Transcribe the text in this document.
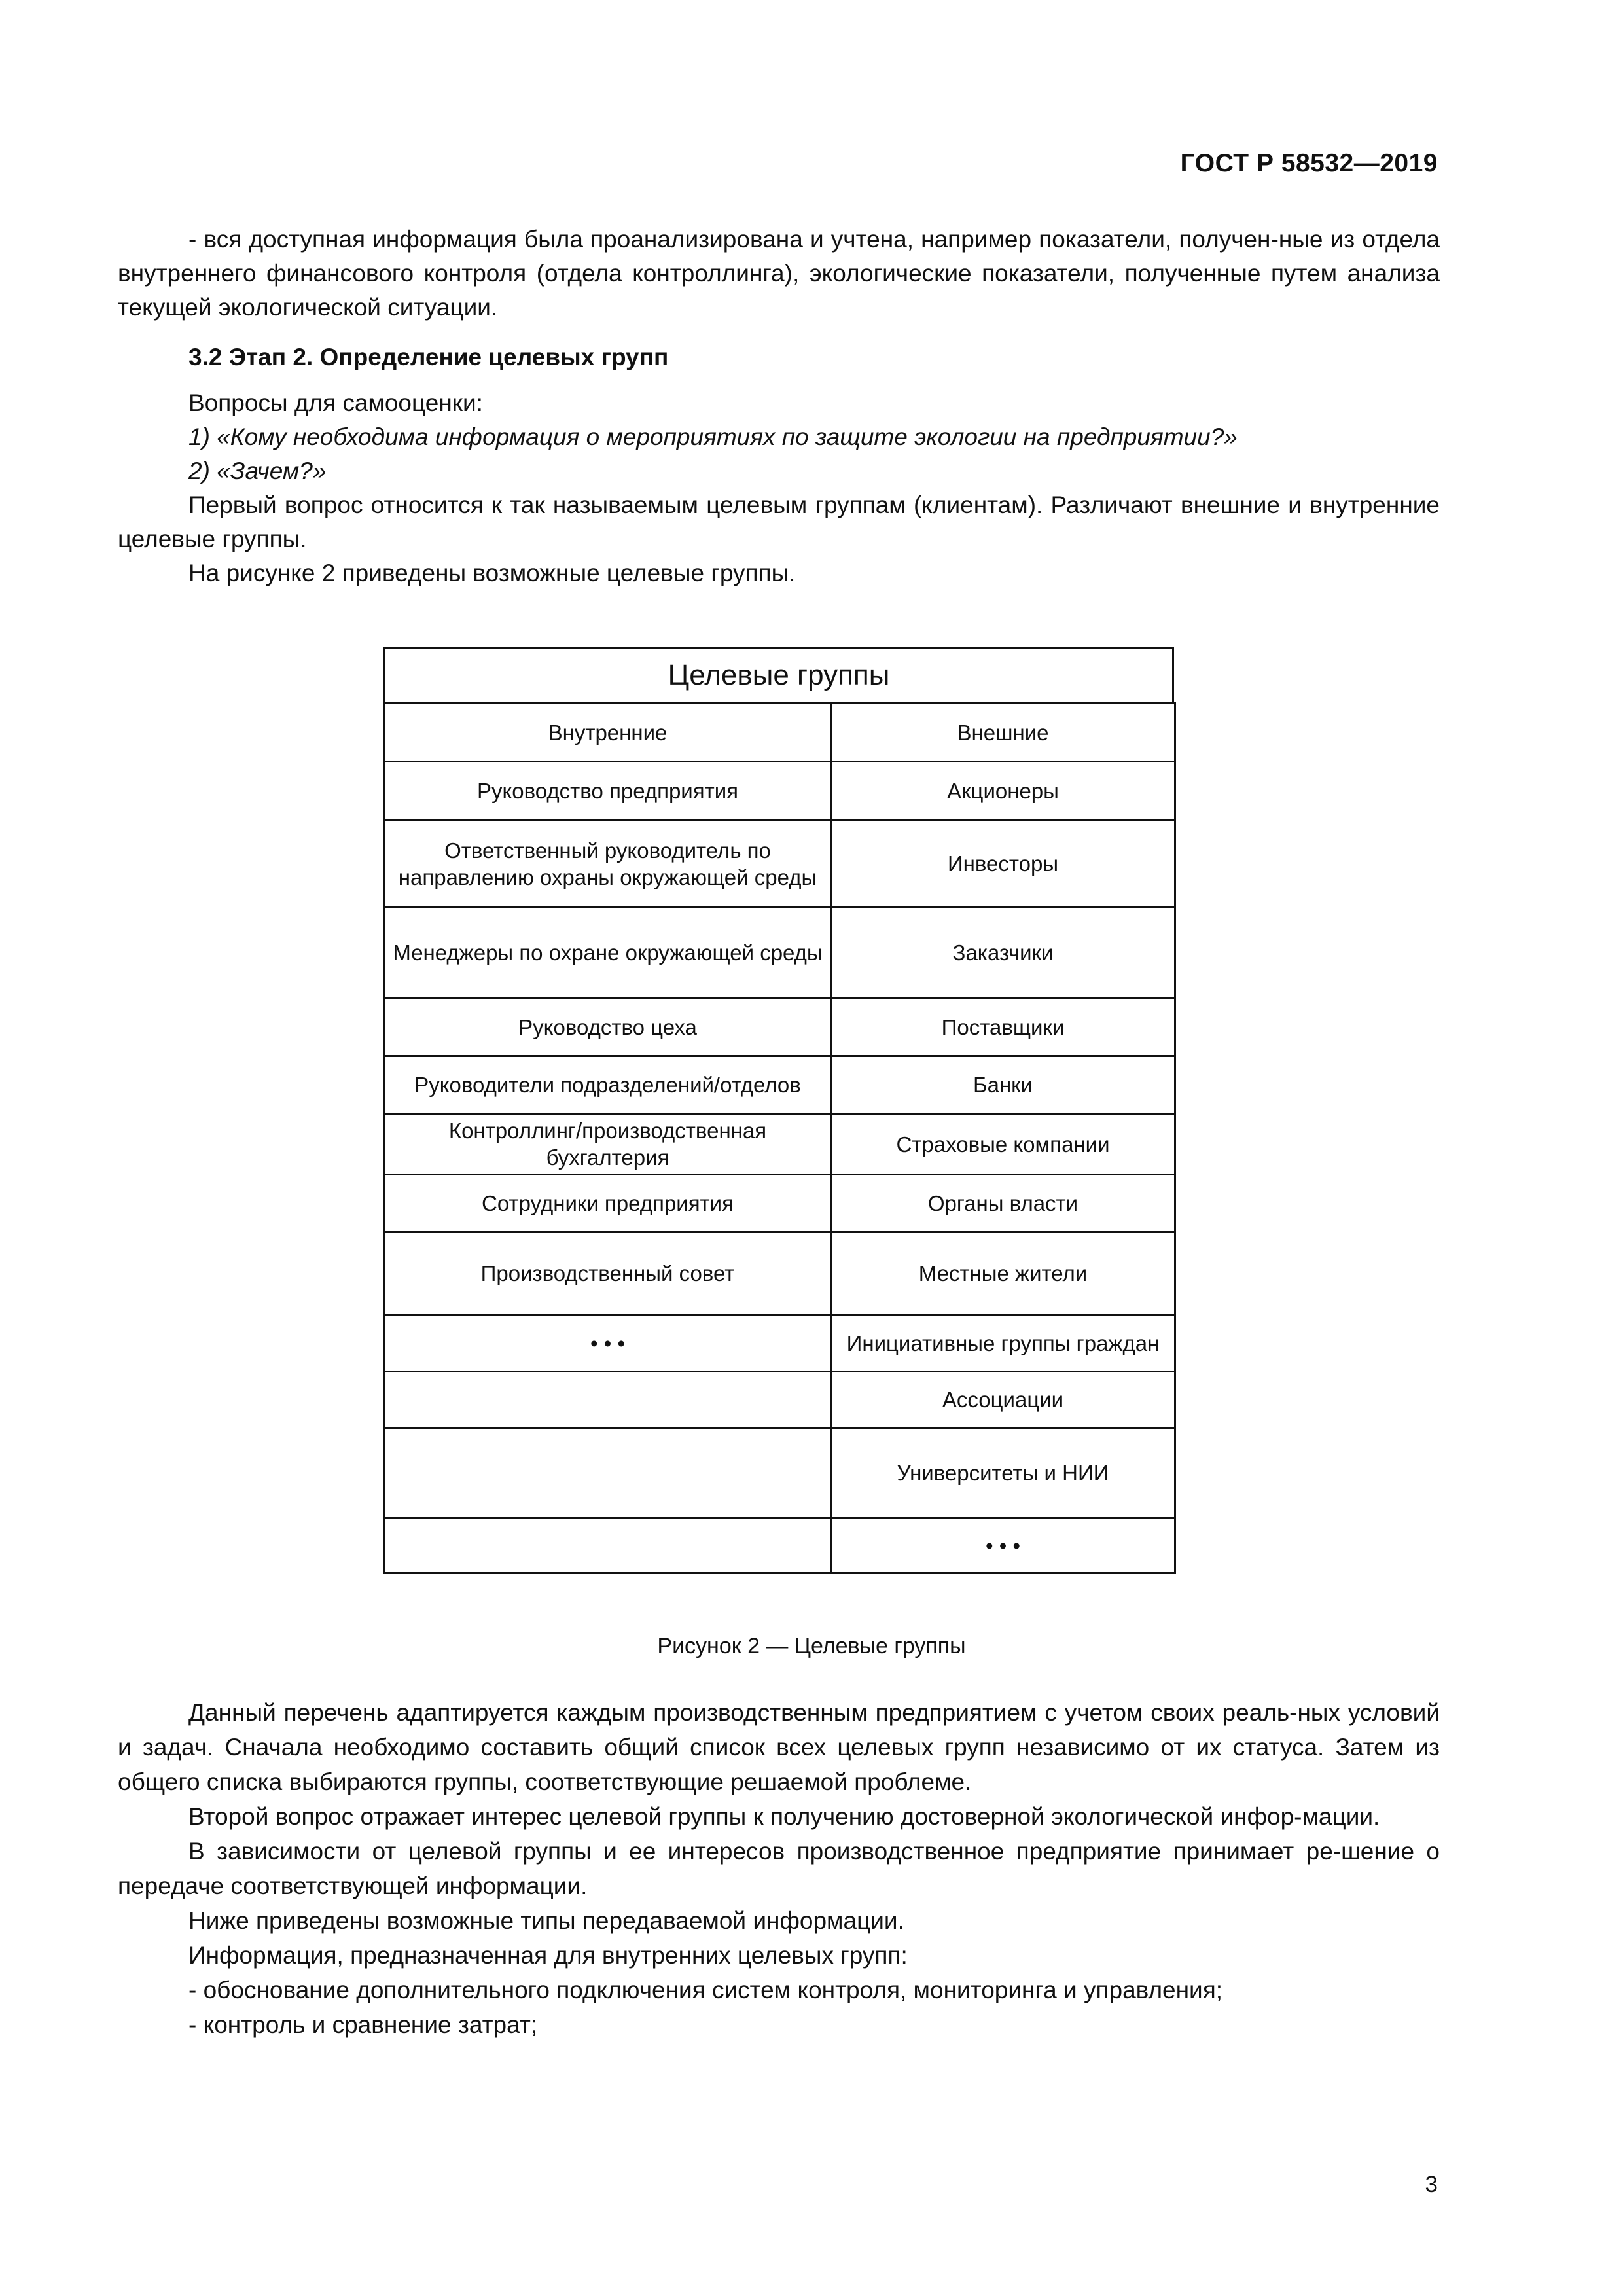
ГОСТ Р 58532—2019

- вся доступная информация была проанализирована и учтена, например показатели, получен-ные из отдела внутреннего финансового контроля (отдела контроллинга), экологические показатели, полученные путем анализа текущей экологической ситуации.

3.2 Этап 2. Определение целевых групп

Вопросы для самооценки:

1) «Кому необходима информация о мероприятиях по защите экологии на предприятии?»

2) «Зачем?»

Первый вопрос относится к так называемым целевым группам (клиентам). Различают внешние и внутренние целевые группы.

На рисунке 2 приведены возможные целевые группы.

Целевые группы
Внутренние	Внешние
Руководство предприятия	Акционеры
Ответственный руководитель по направлению охраны окружающей среды	Инвесторы
Менеджеры по охране окружающей среды	Заказчики
Руководство цеха	Поставщики
Руководители подразделений/отделов	Банки
Контроллинг/производственная бухгалтерия	Страховые компании
Сотрудники предприятия	Органы власти
Производственный совет	Местные жители
• • •	Инициативные группы граждан
	Ассоциации
	Университеты и НИИ
	• • •
Рисунок 2 — Целевые группы

Данный перечень адаптируется каждым производственным предприятием с учетом своих реаль-ных условий и задач. Сначала необходимо составить общий список всех целевых групп независимо от их статуса. Затем из общего списка выбираются группы, соответствующие решаемой проблеме.

Второй вопрос отражает интерес целевой группы к получению достоверной экологической инфор-мации.

В зависимости от целевой группы и ее интересов производственное предприятие принимает ре-шение о передаче соответствующей информации.

Ниже приведены возможные типы передаваемой информации.

Информация, предназначенная для внутренних целевых групп:

- обоснование дополнительного подключения систем контроля, мониторинга и управления;

- контроль и сравнение затрат;

3
